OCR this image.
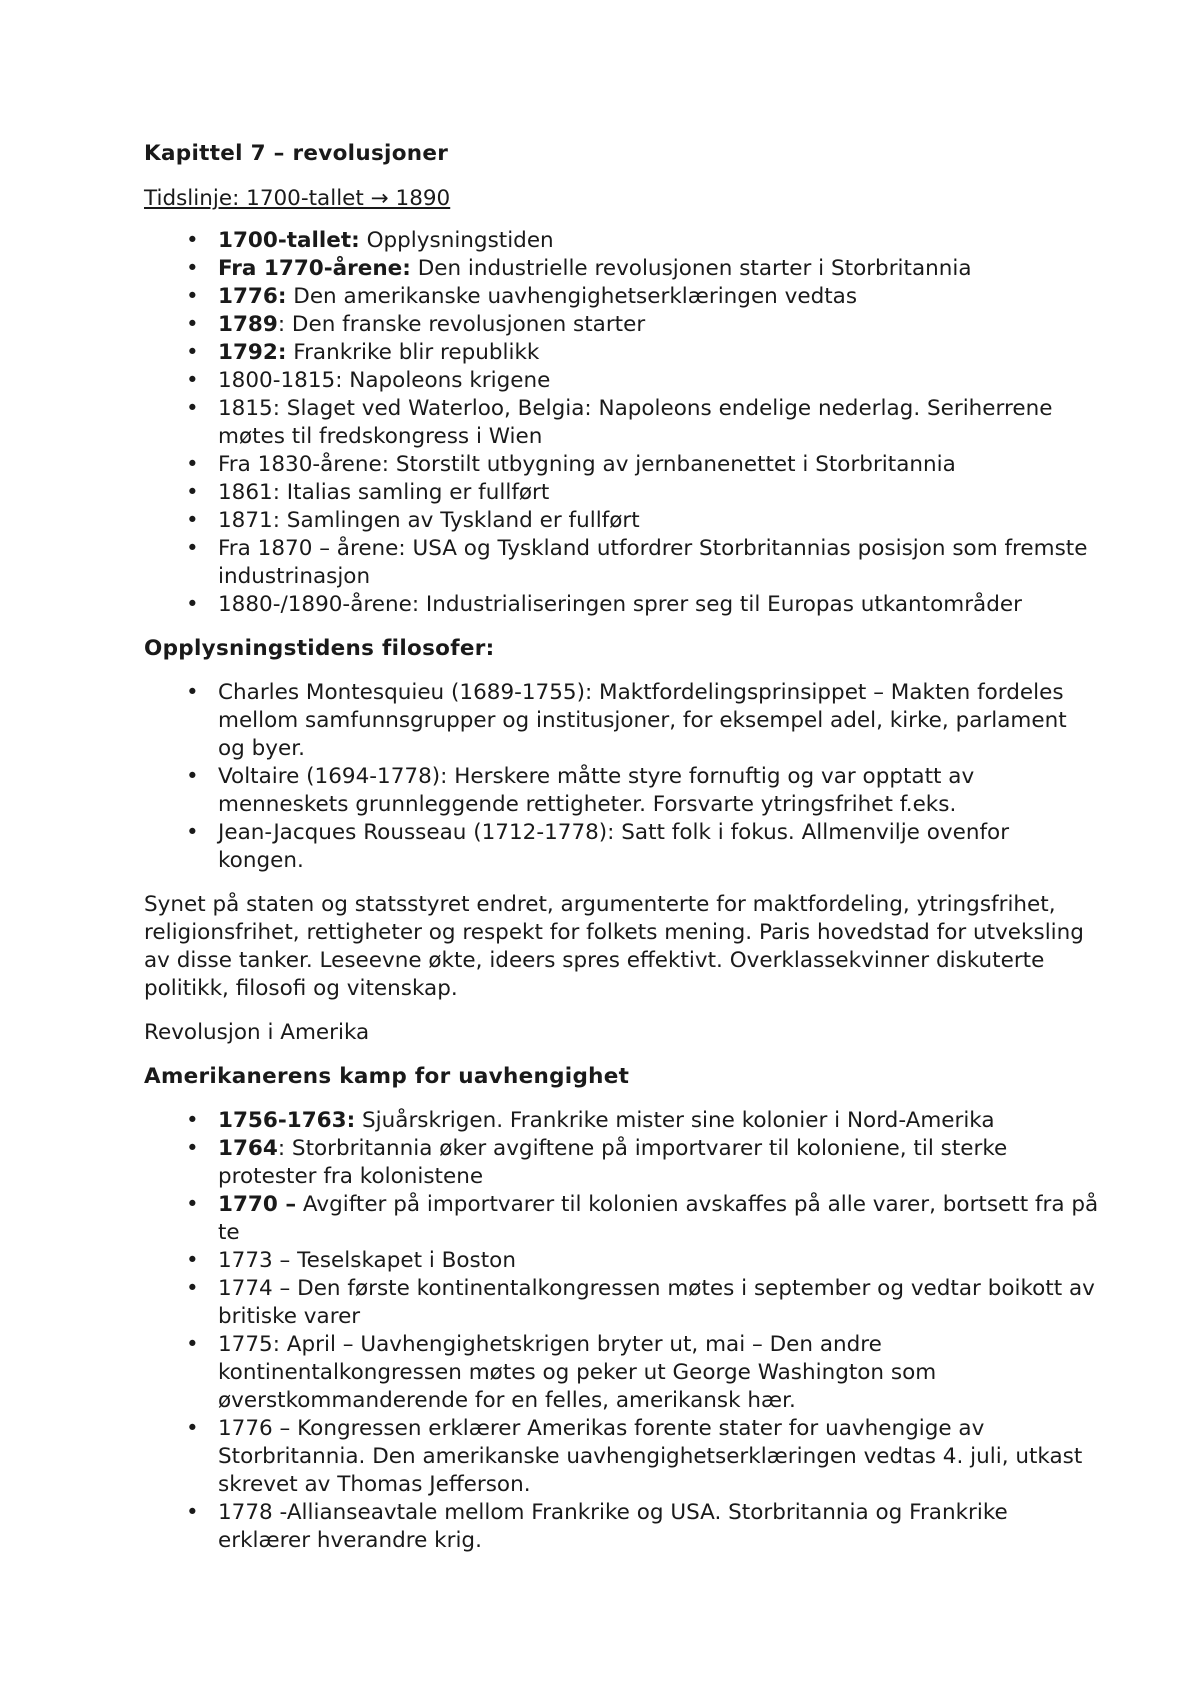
Kapittel 7 – revolusjoner
Tidslinje: 1700-tallet → 1890
• 1700-tallet: Opplysningstiden
• Fra 1770-årene: Den industrielle revolusjonen starter i Storbritannia
• 1776: Den amerikanske uavhengighetserklæringen vedtas
• 1789: Den franske revolusjonen starter
• 1792: Frankrike blir republikk
• 1800-1815: Napoleons krigene
• 1815: Slaget ved Waterloo, Belgia: Napoleons endelige nederlag. Seriherrene møtes til fredskongress i Wien
• Fra 1830-årene: Storstilt utbygning av jernbanenettet i Storbritannia
• 1861: Italias samling er fullført
• 1871: Samlingen av Tyskland er fullført
• Fra 1870 – årene: USA og Tyskland utfordrer Storbritannias posisjon som fremste industrinasjon
• 1880-/1890-årene: Industrialiseringen sprer seg til Europas utkantområder
Opplysningstidens filosofer:
• Charles Montesquieu (1689-1755): Maktfordelingsprinsippet – Makten fordeles mellom samfunnsgrupper og institusjoner, for eksempel adel, kirke, parlament og byer.
• Voltaire (1694-1778): Herskere måtte styre fornuftig og var opptatt av menneskets grunnleggende rettigheter. Forsvarte ytringsfrihet f.eks.
• Jean-Jacques Rousseau (1712-1778): Satt folk i fokus. Allmenvilje ovenfor kongen.

Synet på staten og statsstyret endret, argumenterte for maktfordeling, ytringsfrihet, religionsfrihet, rettigheter og respekt for folkets mening. Paris hovedstad for utveksling av disse tanker. Leseevne økte, ideers spres effektivt. Overklassekvinner diskuterte politikk, filosofi og vitenskap.

Revolusjon i Amerika

Amerikanerens kamp for uavhengighet
• 1756-1763: Sjuårskrigen. Frankrike mister sine kolonier i Nord-Amerika
• 1764: Storbritannia øker avgiftene på importvarer til koloniene, til sterke protester fra kolonistene
• 1770 – Avgifter på importvarer til kolonien avskaffes på alle varer, bortsett fra på te
• 1773 – Teselskapet i Boston
• 1774 – Den første kontinentalkongressen møtes i september og vedtar boikott av britiske varer
• 1775: April – Uavhengighetskrigen bryter ut, mai – Den andre kontinentalkongressen møtes og peker ut George Washington som øverstkommanderende for en felles, amerikansk hær.
• 1776 – Kongressen erklærer Amerikas forente stater for uavhengige av Storbritannia. Den amerikanske uavhengighetserklæringen vedtas 4. juli, utkast skrevet av Thomas Jefferson.
• 1778 -Allianseavtale mellom Frankrike og USA. Storbritannia og Frankrike erklærer hverandre krig.
